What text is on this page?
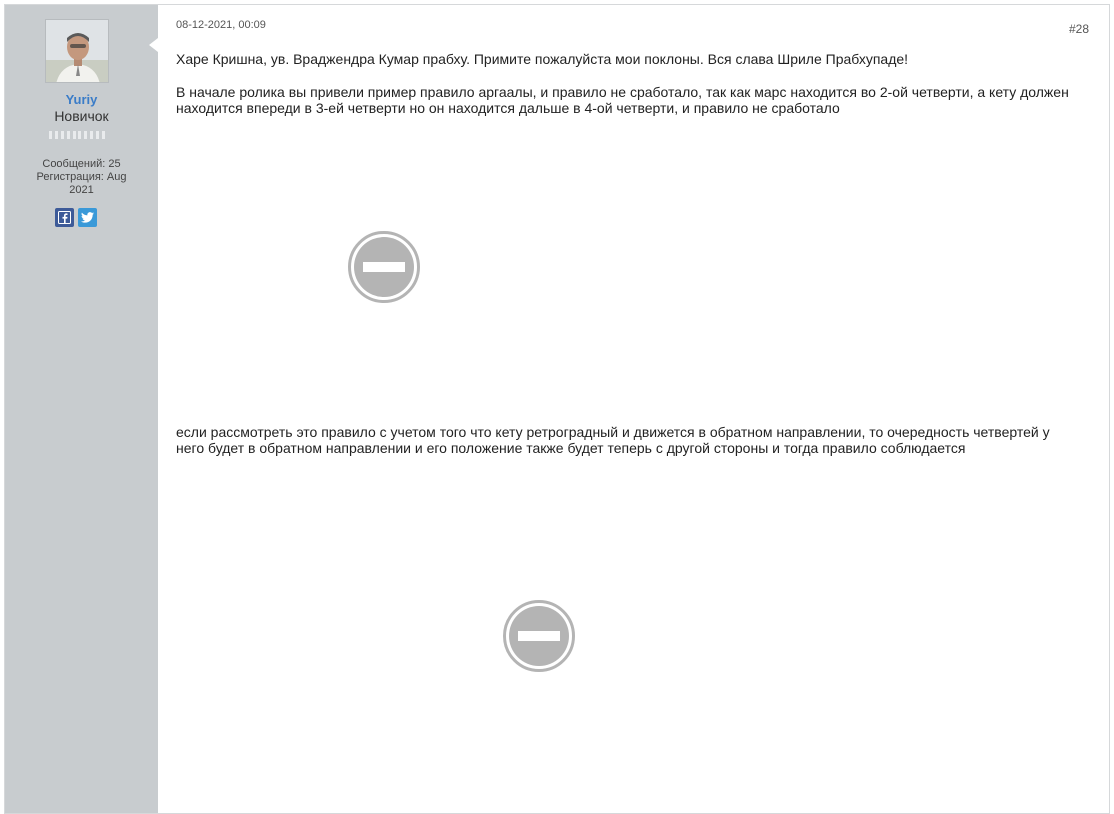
Yuriy
Новичок
Сообщений: 25
Регистрация: Aug 2021
08-12-2021, 00:09	#28
Харе Кришна, ув. Враджендра Кумар прабху. Примите пожалуйста мои поклоны. Вся слава Шриле Прабхупаде!
В начале ролика вы привели пример правило аргаалы, и правило не сработало, так как марс находится во 2-ой четверти, а кету должен находится впереди в 3-ей четверти но он находится дальше в 4-ой четверти, и правило не сработало
если рассмотреть это правило с учетом того что кету ретроградный и движется в обратном направлении, то очередность четвертей у него будет в обратном направлении и его положение также будет теперь с другой стороны и тогда правило соблюдается
